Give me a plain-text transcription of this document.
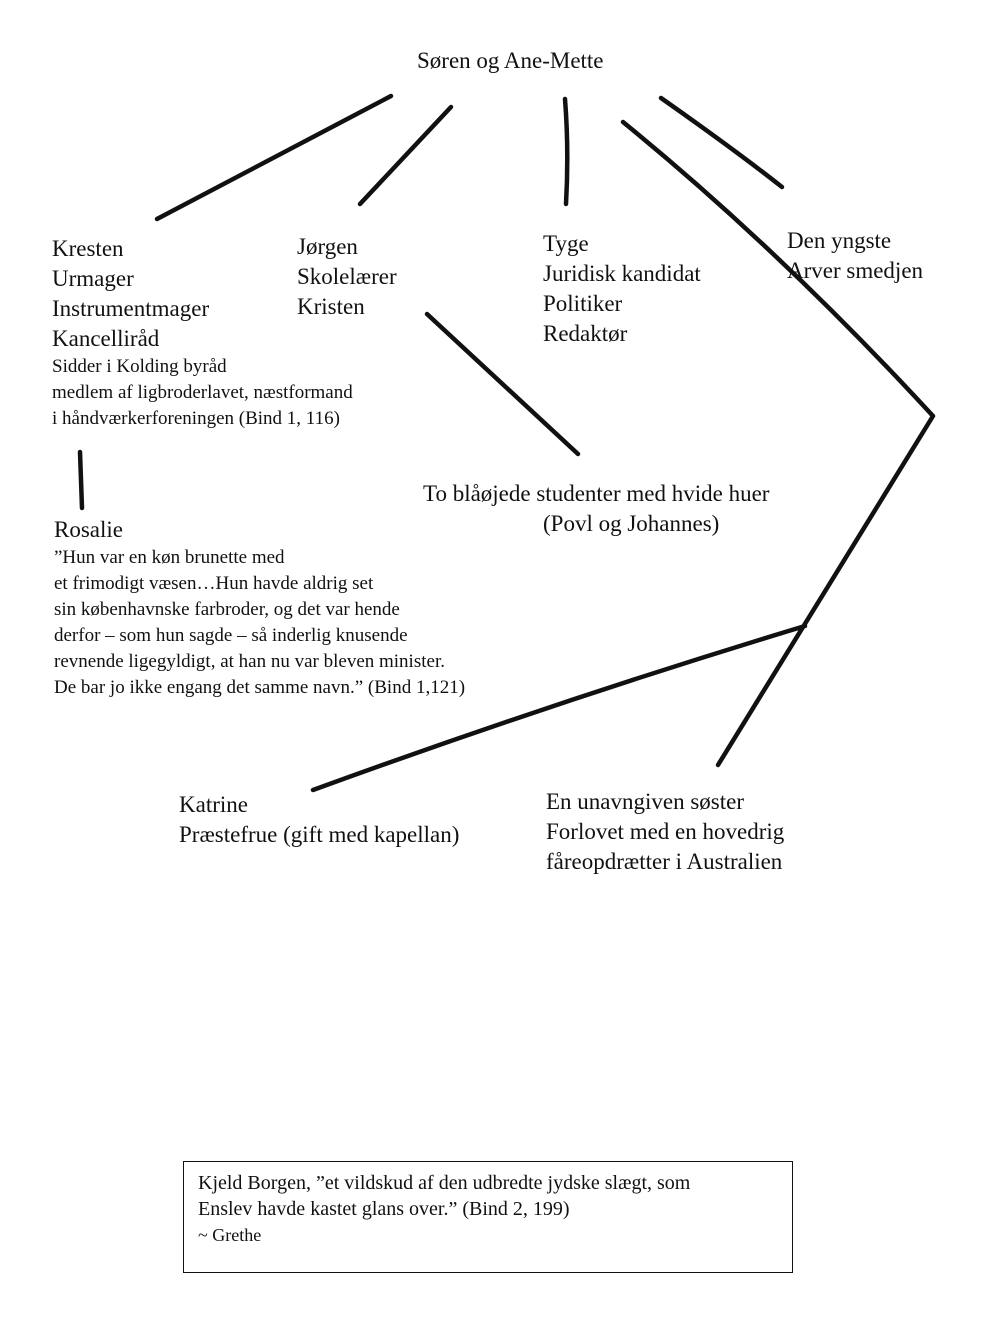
Søren og Ane-Mette
Kresten
Urmager
Instrumentmager
Kancelliråd
Sidder i Kolding byråd
medlem af ligbroderlavet, næstformand
i håndværkerforeningen (Bind 1, 116)
Jørgen
Skolelærer
Kristen
Tyge
Juridisk kandidat
Politiker
Redaktør
Den yngste
Arver smedjen
To blåøjede studenter med hvide huer
(Povl og Johannes)
Rosalie
”Hun var en køn brunette med
et frimodigt væsen…Hun havde aldrig set
sin københavnske farbroder, og det var hende
derfor – som hun sagde – så inderlig knusende
revnende ligegyldigt, at han nu var bleven minister.
De bar jo ikke engang det samme navn.” (Bind 1,121)
Katrine
Præstefrue (gift med kapellan)
En unavngiven søster
Forlovet med en hovedrig
fåreopdrætter i Australien
Kjeld Borgen, ”et vildskud af den udbredte jydske slægt, som
Enslev havde kastet glans over.” (Bind 2, 199)
~ Grethe
